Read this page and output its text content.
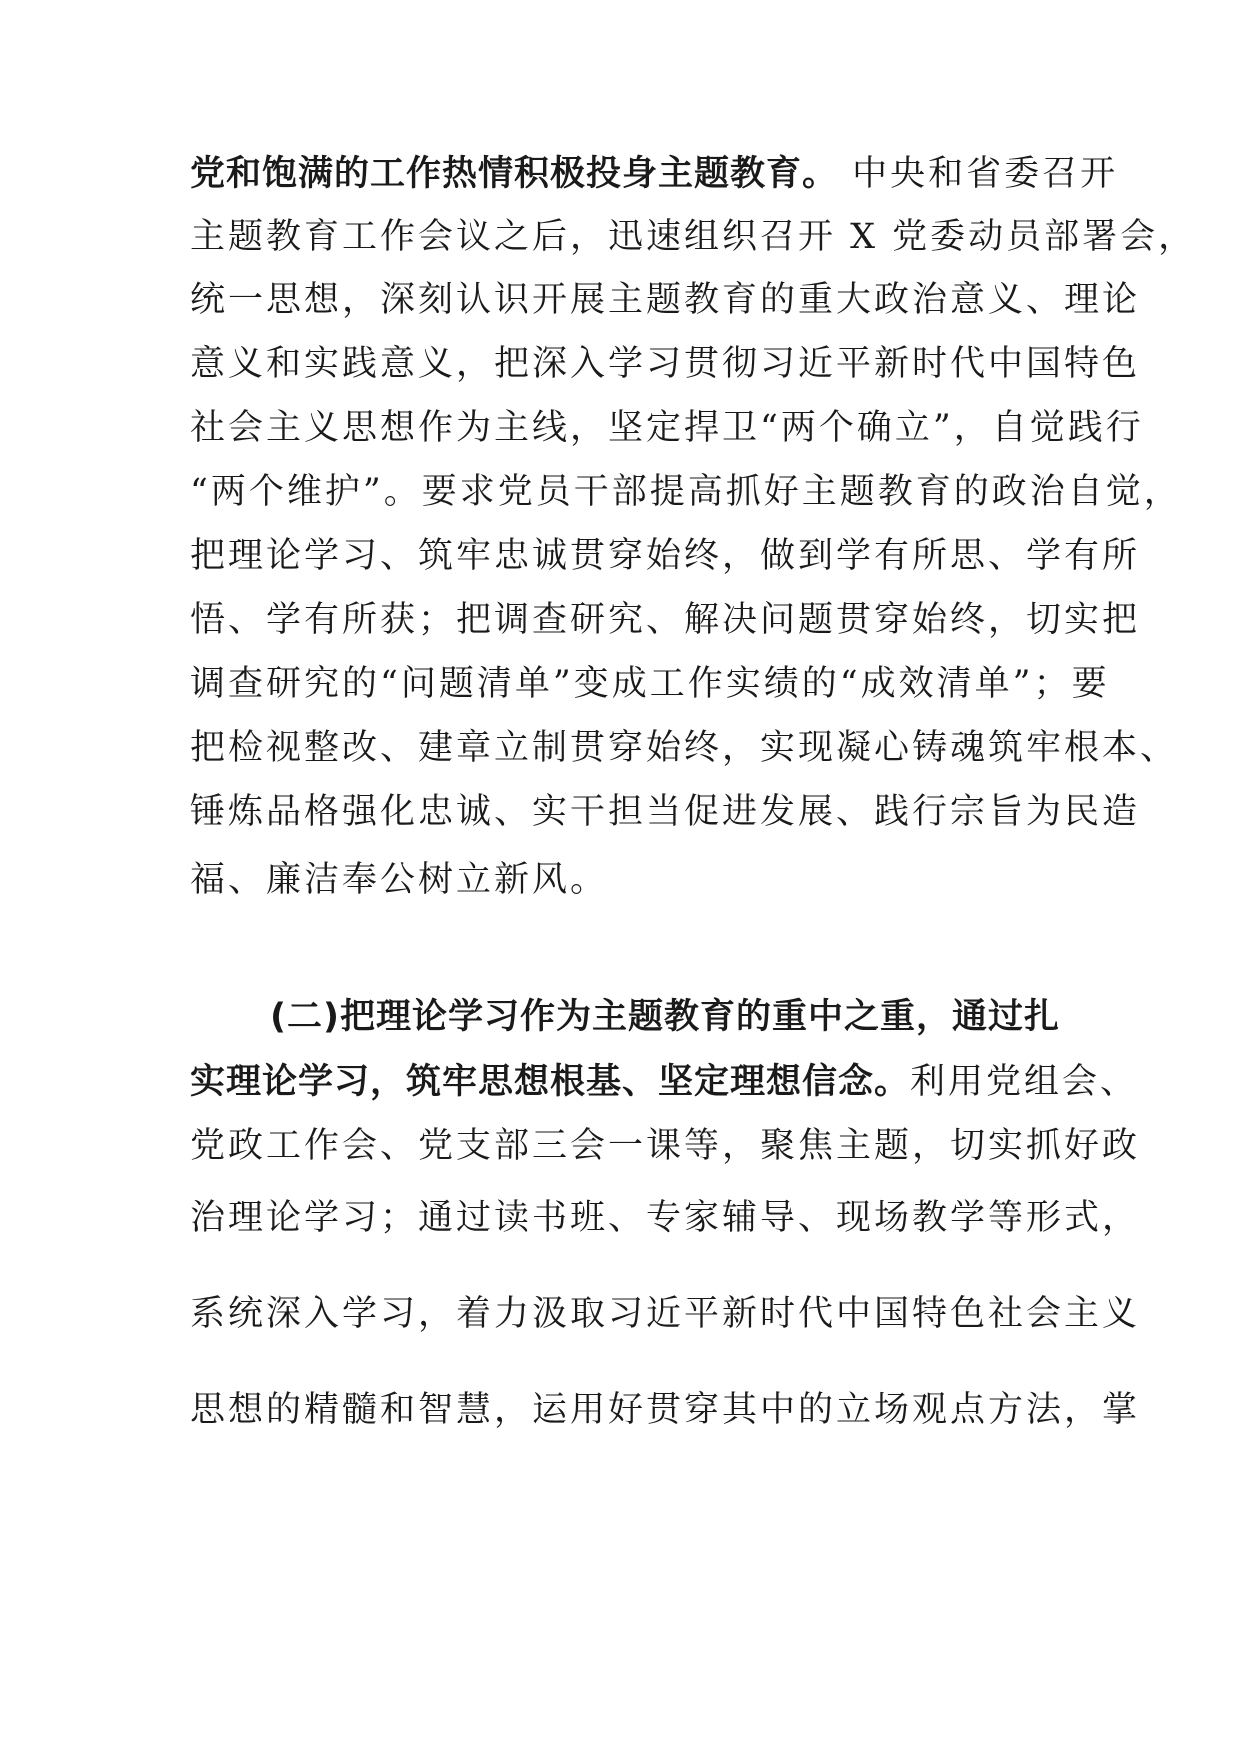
党和饱满的工作热情积极投身主题教育。 中央和省委召开
主题教育工作会议之后，迅速组织召开 X 党委动员部署会，
统一思想，深刻认识开展主题教育的重大政治意义、理论
意义和实践意义，把深入学习贯彻习近平新时代中国特色
社会主义思想作为主线，坚定捍卫“两个确立”，自觉践行
“两个维护”。要求党员干部提高抓好主题教育的政治自觉，
把理论学习、筑牢忠诚贯穿始终，做到学有所思、学有所
悟、学有所获；把调查研究、解决问题贯穿始终，切实把
调查研究的“问题清单”变成工作实绩的“成效清单”；要
把检视整改、建章立制贯穿始终，实现凝心铸魂筑牢根本、
锤炼品格强化忠诚、实干担当促进发展、践行宗旨为民造
福、廉洁奉公树立新风。
(二)把理论学习作为主题教育的重中之重，通过扎
实理论学习，筑牢思想根基、坚定理想信念。利用党组会、
党政工作会、党支部三会一课等，聚焦主题，切实抓好政
治理论学习；通过读书班、专家辅导、现场教学等形式，
系统深入学习，着力汲取习近平新时代中国特色社会主义
思想的精髓和智慧，运用好贯穿其中的立场观点方法，掌
